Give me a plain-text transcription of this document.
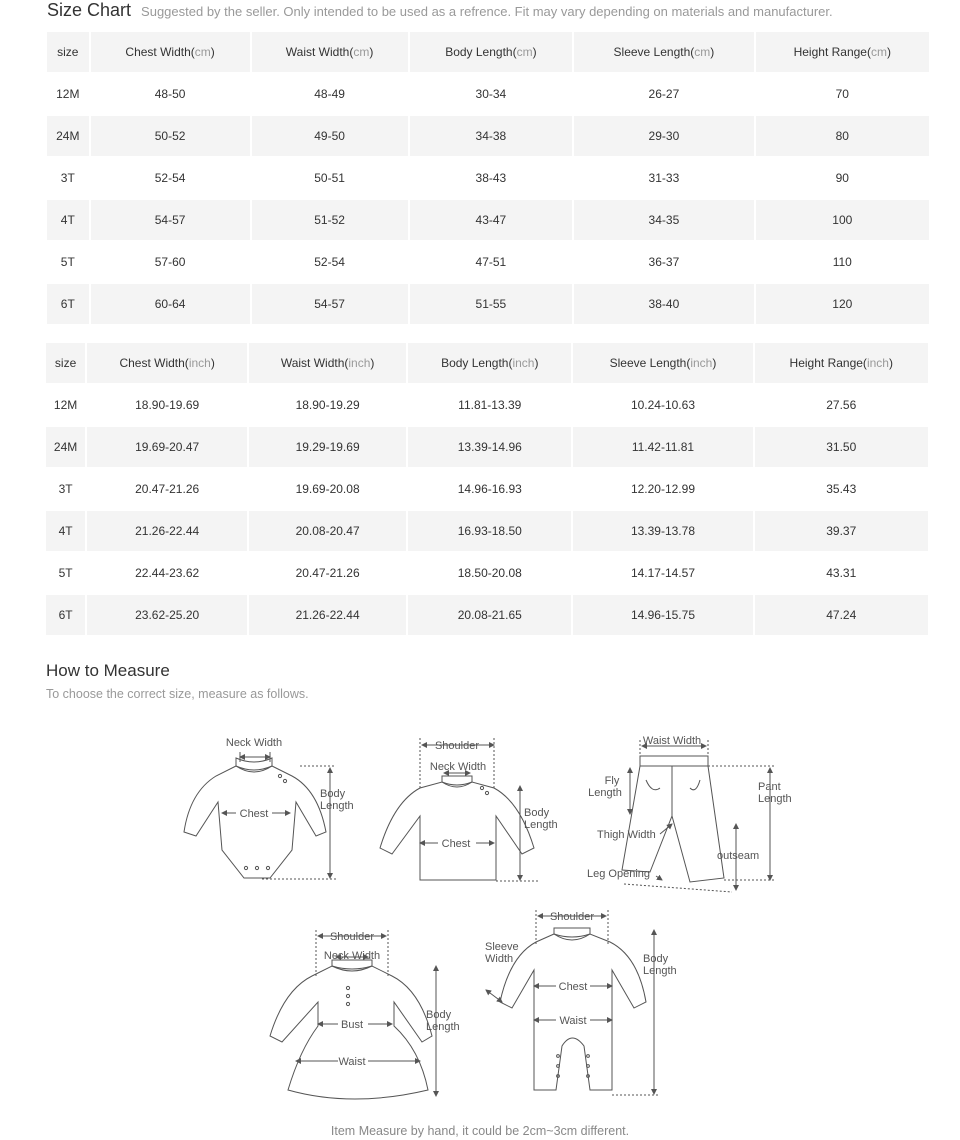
Size Chart Suggested by the seller. Only intended to be used as a refrence. Fit may vary depending on materials and manufacturer.
size	Chest Width(cm)	Waist Width(cm)	Body Length(cm)	Sleeve Length(cm)	Height Range(cm)
12M	48-50	48-49	30-34	26-27	70
24M	50-52	49-50	34-38	29-30	80
3T	52-54	50-51	38-43	31-33	90
4T	54-57	51-52	43-47	34-35	100
5T	57-60	52-54	47-51	36-37	110
6T	60-64	54-57	51-55	38-40	120
size	Chest Width(inch)	Waist Width(inch)	Body Length(inch)	Sleeve Length(inch)	Height Range(inch)
12M	18.90-19.69	18.90-19.29	11.81-13.39	10.24-10.63	27.56
24M	19.69-20.47	19.29-19.69	13.39-14.96	11.42-11.81	31.50
3T	20.47-21.26	19.69-20.08	14.96-16.93	12.20-12.99	35.43
4T	21.26-22.44	20.08-20.47	16.93-18.50	13.39-13.78	39.37
5T	22.44-23.62	20.47-21.26	18.50-20.08	14.17-14.57	43.31
6T	23.62-25.20	21.26-22.44	20.08-21.65	14.96-15.75	47.24
How to Measure
To choose the correct size, measure as follows.
Neck Width
Chest
Body
Length
Shoulder
Neck Width
Chest
Body
Length
Waist Width
Fly
Length	Pant
Length
Thigh Width
outseam
Leg Opening
Shoulder
Neck Width
Bust
Waist
Body
Length
Shoulder
Sleeve
Width
Chest
Waist
Body
Length
Item Measure by hand, it could be 2cm~3cm different.
